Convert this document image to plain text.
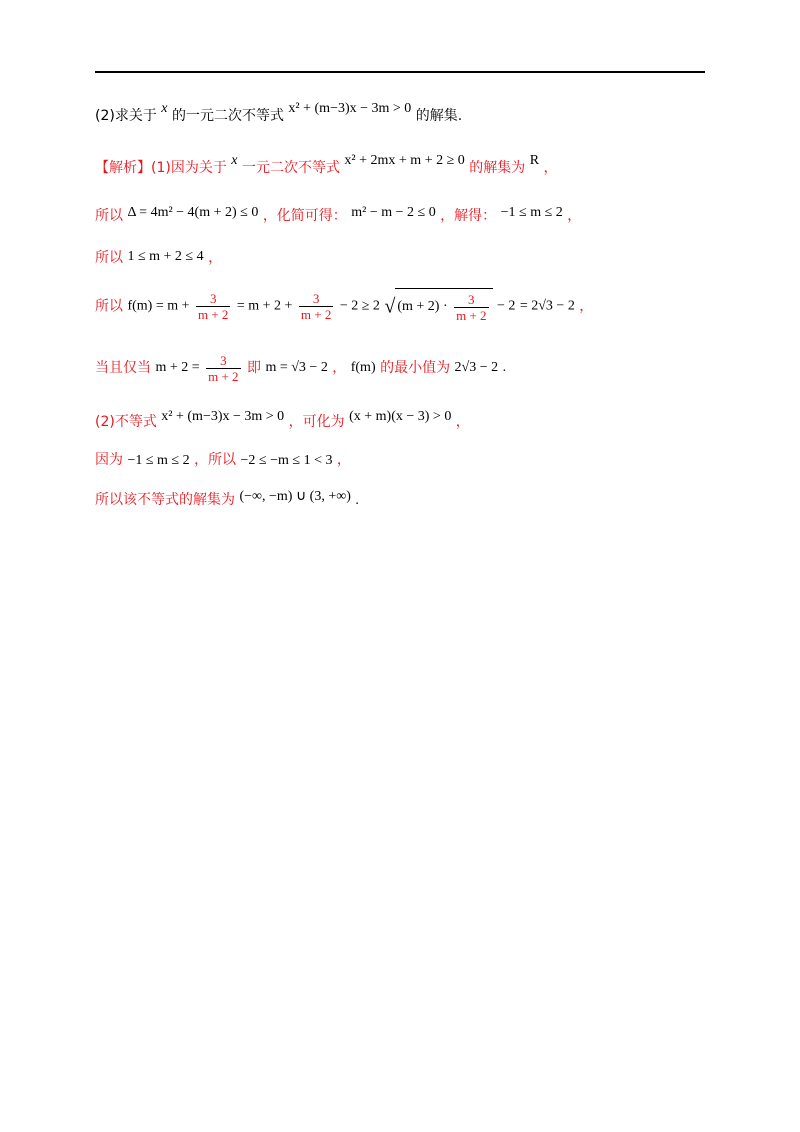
(2)求关于 x 的一元二次不等式 x² + (m−3)x − 3m > 0 的解集.
【解析】(1)因为关于 x 一元二次不等式 x² + 2mx + m + 2 ≥ 0 的解集为 R ，
所以 Δ = 4m² − 4(m + 2) ≤ 0 ，化简可得： m² − m − 2 ≤ 0 ，解得： −1 ≤ m ≤ 2 ，
所以 1 ≤ m + 2 ≤ 4 ，
所以 $f(m) = m + \frac{3}{m + 2} = m + 2 + \frac{3}{m + 2} - 2 \ge 2$ √ $(m + 2) \cdot \frac{3}{m + 2} - 2 = 2√3 - 2$ ，
当且仅当 $m + 2 = \frac{3}{m + 2}$ 即 m = √3 − 2 ， f(m) 的最小值为 2√3 − 2 .
(2)不等式 x² + (m−3)x − 3m > 0 ，可化为 (x + m)(x − 3) > 0 ，
因为 −1 ≤ m ≤ 2 ，所以 −2 ≤ −m ≤ 1 < 3 ，
所以该不等式的解集为 (−∞, −m) ∪ (3, +∞) .
